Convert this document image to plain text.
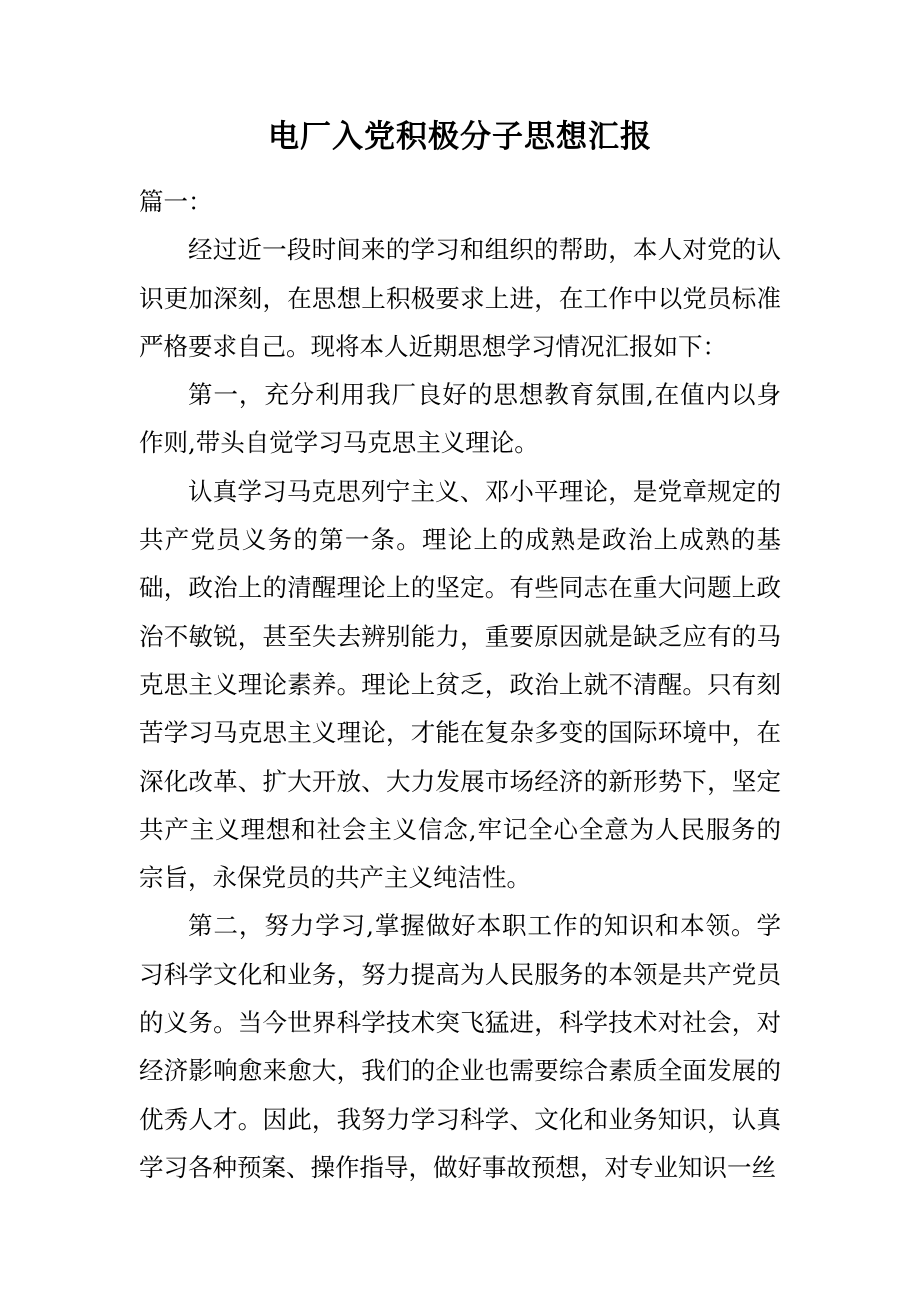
电厂入党积极分子思想汇报

篇一：

经过近一段时间来的学习和组织的帮助，本人对党的认识更加深刻，在思想上积极要求上进，在工作中以党员标准严格要求自己。现将本人近期思想学习情况汇报如下：

第一，充分利用我厂良好的思想教育氛围,在值内以身作则,带头自觉学习马克思主义理论。

认真学习马克思列宁主义、邓小平理论，是党章规定的共产党员义务的第一条。理论上的成熟是政治上成熟的基础，政治上的清醒理论上的坚定。有些同志在重大问题上政治不敏锐，甚至失去辨别能力，重要原因就是缺乏应有的马克思主义理论素养。理论上贫乏，政治上就不清醒。只有刻苦学习马克思主义理论，才能在复杂多变的国际环境中，在深化改革、扩大开放、大力发展市场经济的新形势下，坚定共产主义理想和社会主义信念,牢记全心全意为人民服务的宗旨，永保党员的共产主义纯洁性。

第二，努力学习,掌握做好本职工作的知识和本领。学习科学文化和业务，努力提高为人民服务的本领是共产党员的义务。当今世界科学技术突飞猛进，科学技术对社会，对经济影响愈来愈大，我们的企业也需要综合素质全面发展的优秀人才。因此，我努力学习科学、文化和业务知识，认真学习各种预案、操作指导，做好事故预想，对专业知识一丝
